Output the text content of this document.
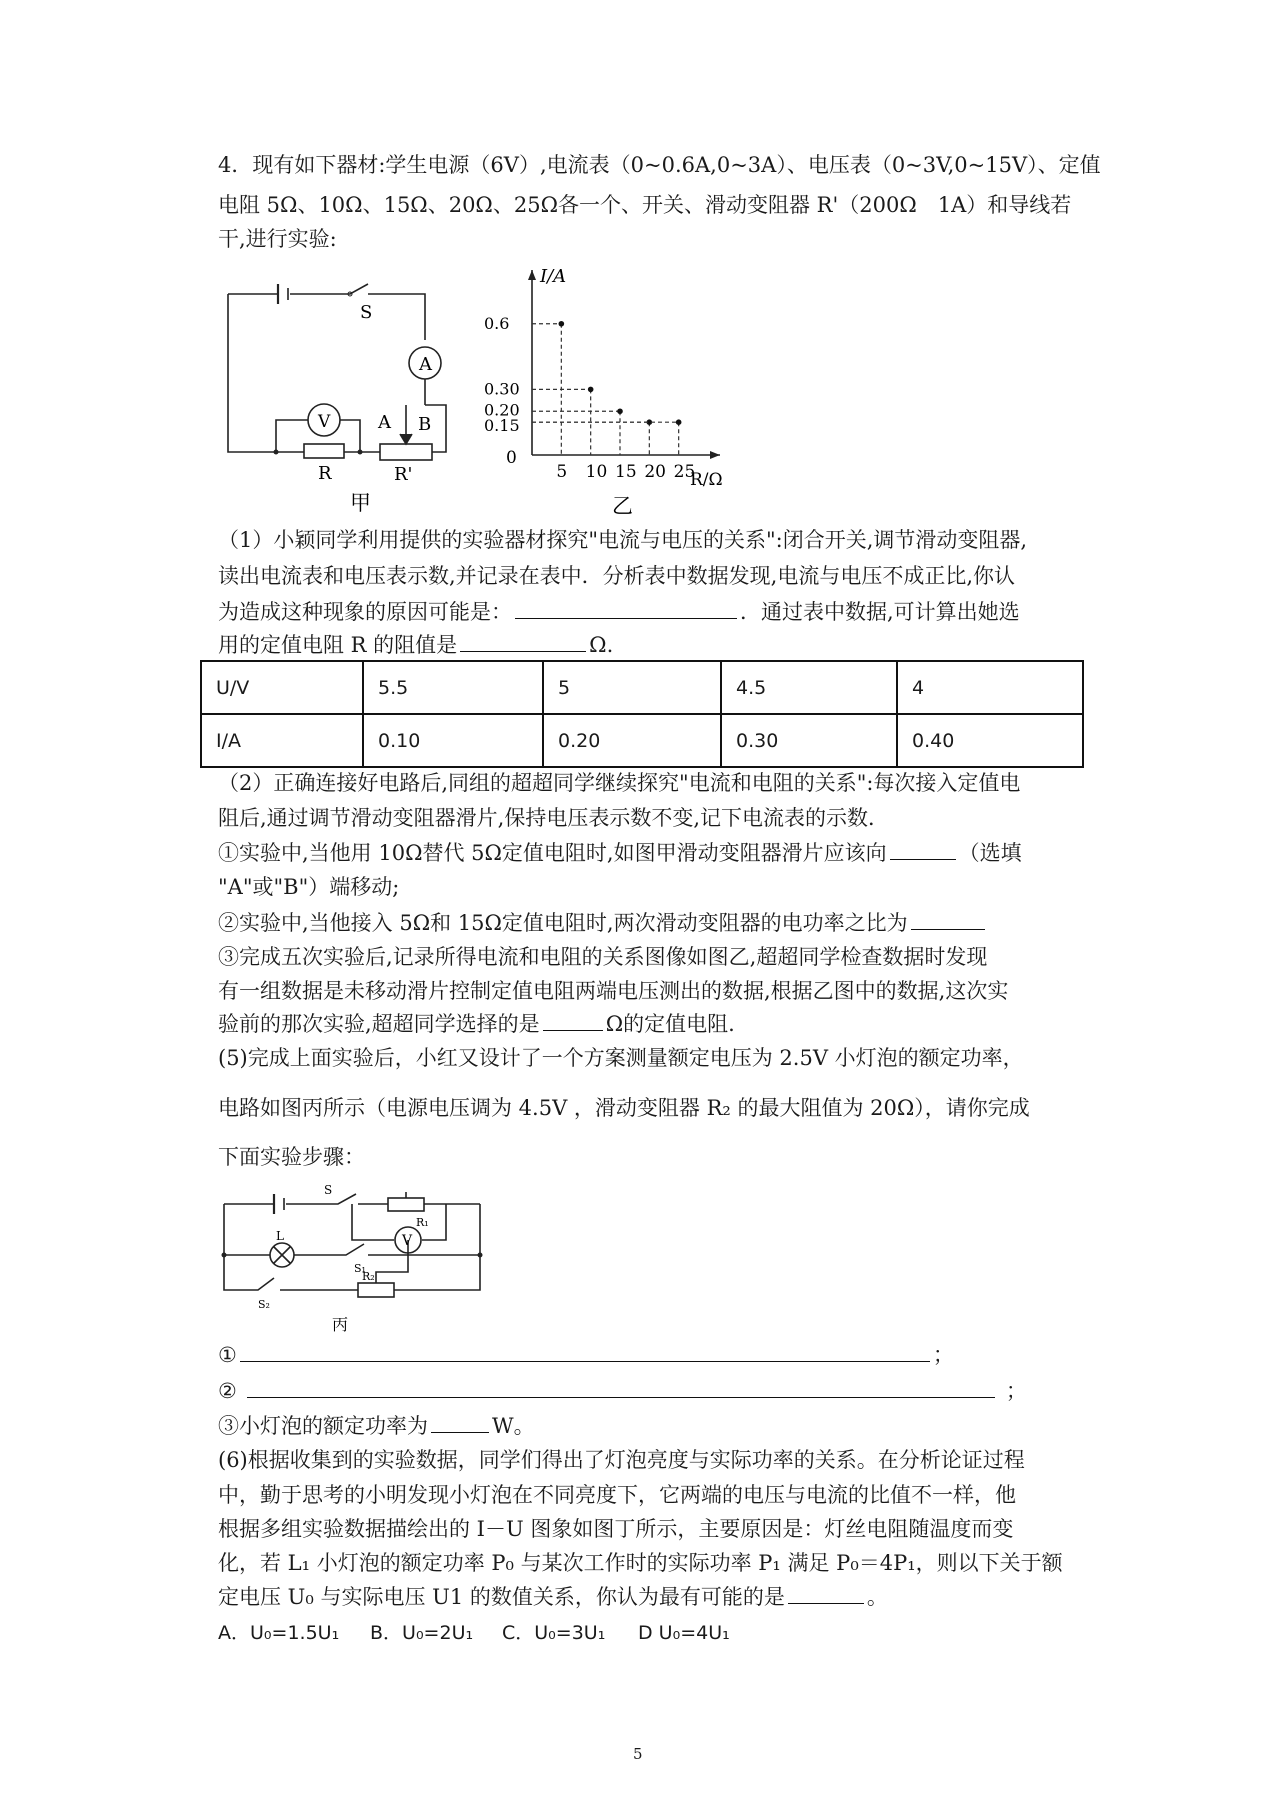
4．现有如下器材:学生电源（6V）,电流表（0~0.6A,0~3A）、电压表（0~3V,0~15V）、定值
电阻 5Ω、10Ω、15Ω、20Ω、25Ω各一个、开关、滑动变阻器 R'（200Ω　1A）和导线若
干,进行实验:
S
A
V	A B
R	R'
甲
I/A
R/Ω
0
5 10 15 20 25
0.6
0.30
0.20
0.15
乙
（1）小颖同学利用提供的实验器材探究"电流与电压的关系":闭合开关,调节滑动变阻器,
读出电流表和电压表示数,并记录在表中．分析表中数据发现,电流与电压不成正比,你认
为造成这种现象的原因可能是：	．通过表中数据,可计算出她选
用的定值电阻 R 的阻值是	Ω.
U/V	5.5	5	4.5	4
I/A	0.10	0.20	0.30	0.40
（2）正确连接好电路后,同组的超超同学继续探究"电流和电阻的关系":每次接入定值电
阻后,通过调节滑动变阻器滑片,保持电压表示数不变,记下电流表的示数．
①实验中,当他用 10Ω替代 5Ω定值电阻时,如图甲滑动变阻器滑片应该向	（选填
"A"或"B"）端移动;
②实验中,当他接入 5Ω和 15Ω定值电阻时,两次滑动变阻器的电功率之比为
③完成五次实验后,记录所得电流和电阻的关系图像如图乙,超超同学检查数据时发现
有一组数据是未移动滑片控制定值电阻两端电压测出的数据,根据乙图中的数据,这次实
验前的那次实验,超超同学选择的是	Ω的定值电阻.
(5)完成上面实验后，小红又设计了一个方案测量额定电压为 2.5V 小灯泡的额定功率，
电路如图丙所示（电源电压调为 4.5V ，滑动变阻器 R₂ 的最大阻值为 20Ω），请你完成
下面实验步骤：
S
R₁
V
L
S₁
S₂
R₂
丙
①	；
②	；
③小灯泡的额定功率为	W。
(6)根据收集到的实验数据，同学们得出了灯泡亮度与实际功率的关系。在分析论证过程
中，勤于思考的小明发现小灯泡在不同亮度下，它两端的电压与电流的比值不一样，他
根据多组实验数据描绘出的 I－U 图象如图丁所示，主要原因是：灯丝电阻随温度而变
化，若 L₁ 小灯泡的额定功率 P₀ 与某次工作时的实际功率 P₁ 满足 P₀＝4P₁，则以下关于额
定电压 U₀ 与实际电压 U1 的数值关系，你认为最有可能的是	。
A．U₀=1.5U₁ B．U₀=2U₁ C．U₀=3U₁ D U₀=4U₁
5
